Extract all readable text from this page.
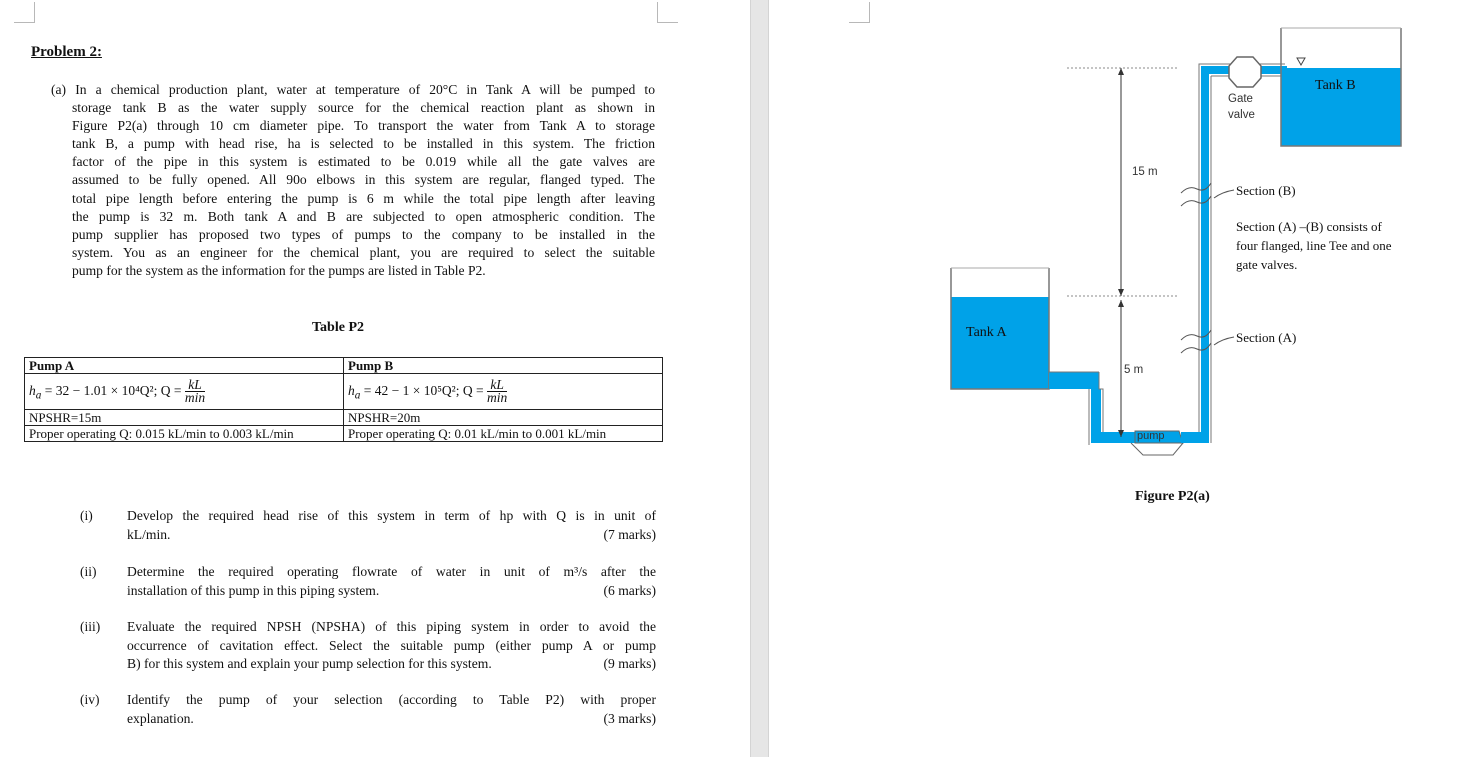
Problem 2:
(a) In a chemical production plant, water at temperature of 20°C in Tank A will be pumped to
storage tank B as the water supply source for the chemical reaction plant as shown in
Figure P2(a) through 10 cm diameter pipe. To transport the water from Tank A to storage
tank B, a pump with head rise, ha is selected to be installed in this system. The friction
factor of the pipe in this system is estimated to be 0.019 while all the gate valves are
assumed to be fully opened. All 90o elbows in this system are regular, flanged typed. The
total pipe length before entering the pump is 6 m while the total pipe length after leaving
the pump is 32 m. Both tank A and B are subjected to open atmospheric condition. The
pump supplier has proposed two types of pumps to the company to be installed in the
system. You as an engineer for the chemical plant, you are required to select the suitable
pump for the system as the information for the pumps are listed in Table P2.
Table P2
Pump A	Pump B
$h_a = 32 - 1.01 \times 10^4Q^2$; $Q = \frac{kL}{\min}$	$h_a = 42 - 1 \times 10^5Q^2$; $Q = \frac{kL}{\min}$

NPSHR=15m	NPSHR=20m
Proper operating Q: 0.015 kL/min to 0.003 kL/min	Proper operating Q: 0.01 kL/min to 0.001 kL/min
(i)	Develop the required head rise of this system in term of hp with Q is in unit of
(7 marks)
kL/min.
(ii) Determine the required operating flowrate of water in unit of m³/s after the
(6 marks)
installation of this pump in this piping system.
(iii) Evaluate the required NPSH (NPSHA) of this piping system in order to avoid the
occurrence of cavitation effect. Select the suitable pump (either pump A or pump
(9 marks)
B) for this system and explain your pump selection for this system.
(iv) Identify the pump of your selection (according to Table P2) with proper
(3 marks)
explanation.
Tank A
Tank B
Gate
valve
15 m
5 m
pump
Section (B)
Section (A)
Section (A) –(B) consists of
four flanged, line Tee and one
gate valves.
Figure P2(a)
